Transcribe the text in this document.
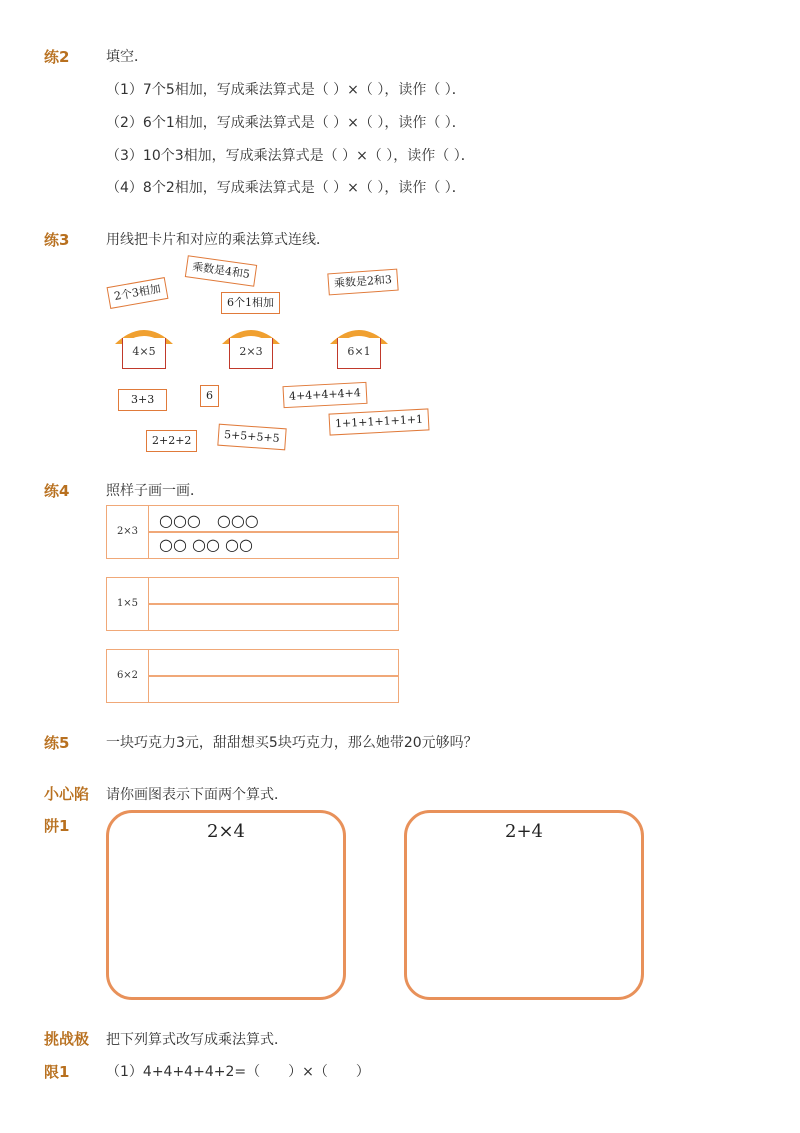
练2	填空．
（1）7个5相加，写成乘法算式是（ ）×（ ），读作（ ）．
（2）6个1相加，写成乘法算式是（ ）×（ ），读作（ ）．
（3）10个3相加，写成乘法算式是（ ）×（ ），读作（ ）．
（4）8个2相加，写成乘法算式是（ ）×（ ），读作（ ）．
练3	用线把卡片和对应的乘法算式连线．
2个3相加
乘数是4和5
6个1相加
乘数是2和3
4×5	2×3	6×1
3+3	6	4+4+4+4+4
1+1+1+1+1+1
2+2+2	5+5+5+5
练4	照样子画一画．
2×3
○○○　○○○
○○ ○○ ○○
1×5
6×2
练5	一块巧克力3元，甜甜想买5块巧克力，那么她带20元够吗？
小心陷
阱1
请你画图表示下面两个算式．
2×4	2+4
挑战极
限1
把下列算式改写成乘法算式．
（1）4+4+4+4+2=（　　）×（　　）
